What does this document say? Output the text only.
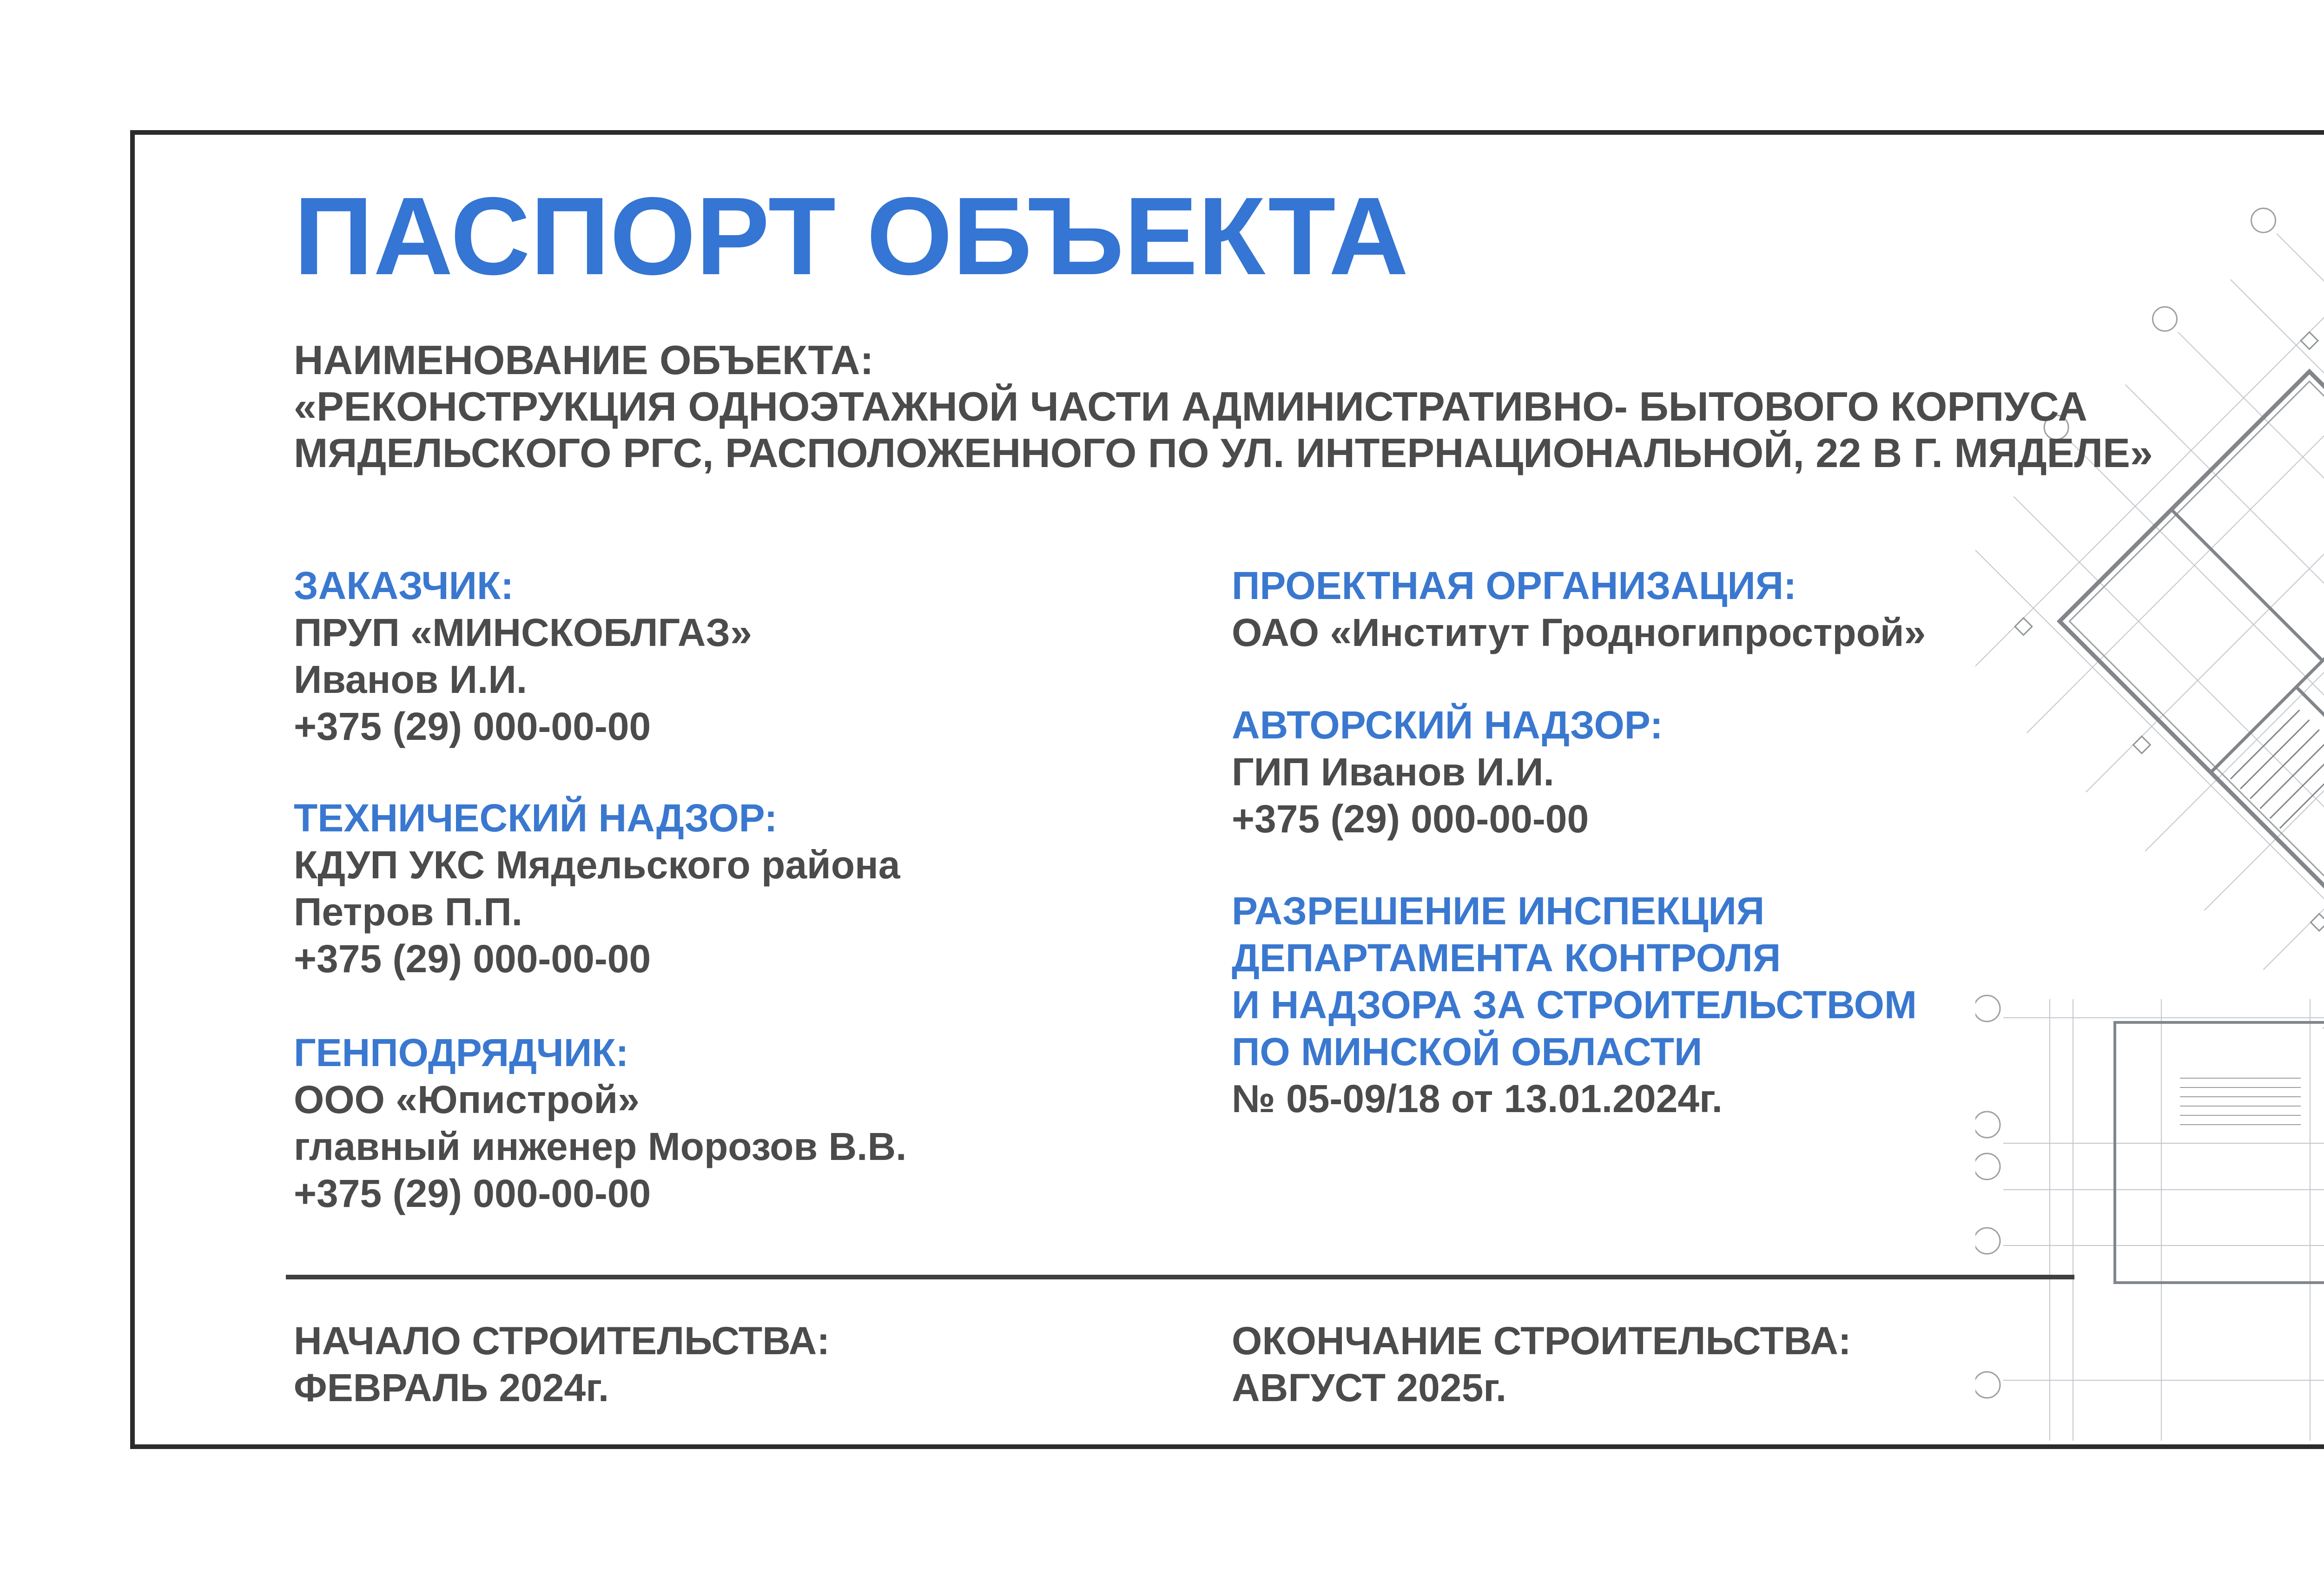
ПАСПОРТ ОБЪЕКТА
НАИМЕНОВАНИЕ ОБЪЕКТА:
«РЕКОНСТРУКЦИЯ ОДНОЭТАЖНОЙ ЧАСТИ АДМИНИСТРАТИВНО- БЫТОВОГО КОРПУСА
МЯДЕЛЬСКОГО РГС, РАСПОЛОЖЕННОГО ПО УЛ. ИНТЕРНАЦИОНАЛЬНОЙ, 22 В Г. МЯДЕЛЕ»
ЗАКАЗЧИК:
ПРУП «МИНСКОБЛГАЗ»
Иванов И.И.
+375 (29) 000-00-00
ТЕХНИЧЕСКИЙ НАДЗОР:
КДУП УКС Мядельского района
Петров П.П.
+375 (29) 000-00-00
ГЕНПОДРЯДЧИК:
ООО «Юпистрой»
главный инженер Морозов В.В.
+375 (29) 000-00-00
ПРОЕКТНАЯ ОРГАНИЗАЦИЯ:
ОАО «Институт Гродногипрострой»
АВТОРСКИЙ НАДЗОР:
ГИП Иванов И.И.
+375 (29) 000-00-00
РАЗРЕШЕНИЕ ИНСПЕКЦИЯ
ДЕПАРТАМЕНТА КОНТРОЛЯ
И НАДЗОРА ЗА СТРОИТЕЛЬСТВОМ
ПО МИНСКОЙ ОБЛАСТИ
№ 05-09/18 от 13.01.2024г.
НАЧАЛО СТРОИТЕЛЬСТВА:
ФЕВРАЛЬ 2024г.
ОКОНЧАНИЕ СТРОИТЕЛЬСТВА:
АВГУСТ 2025г.
